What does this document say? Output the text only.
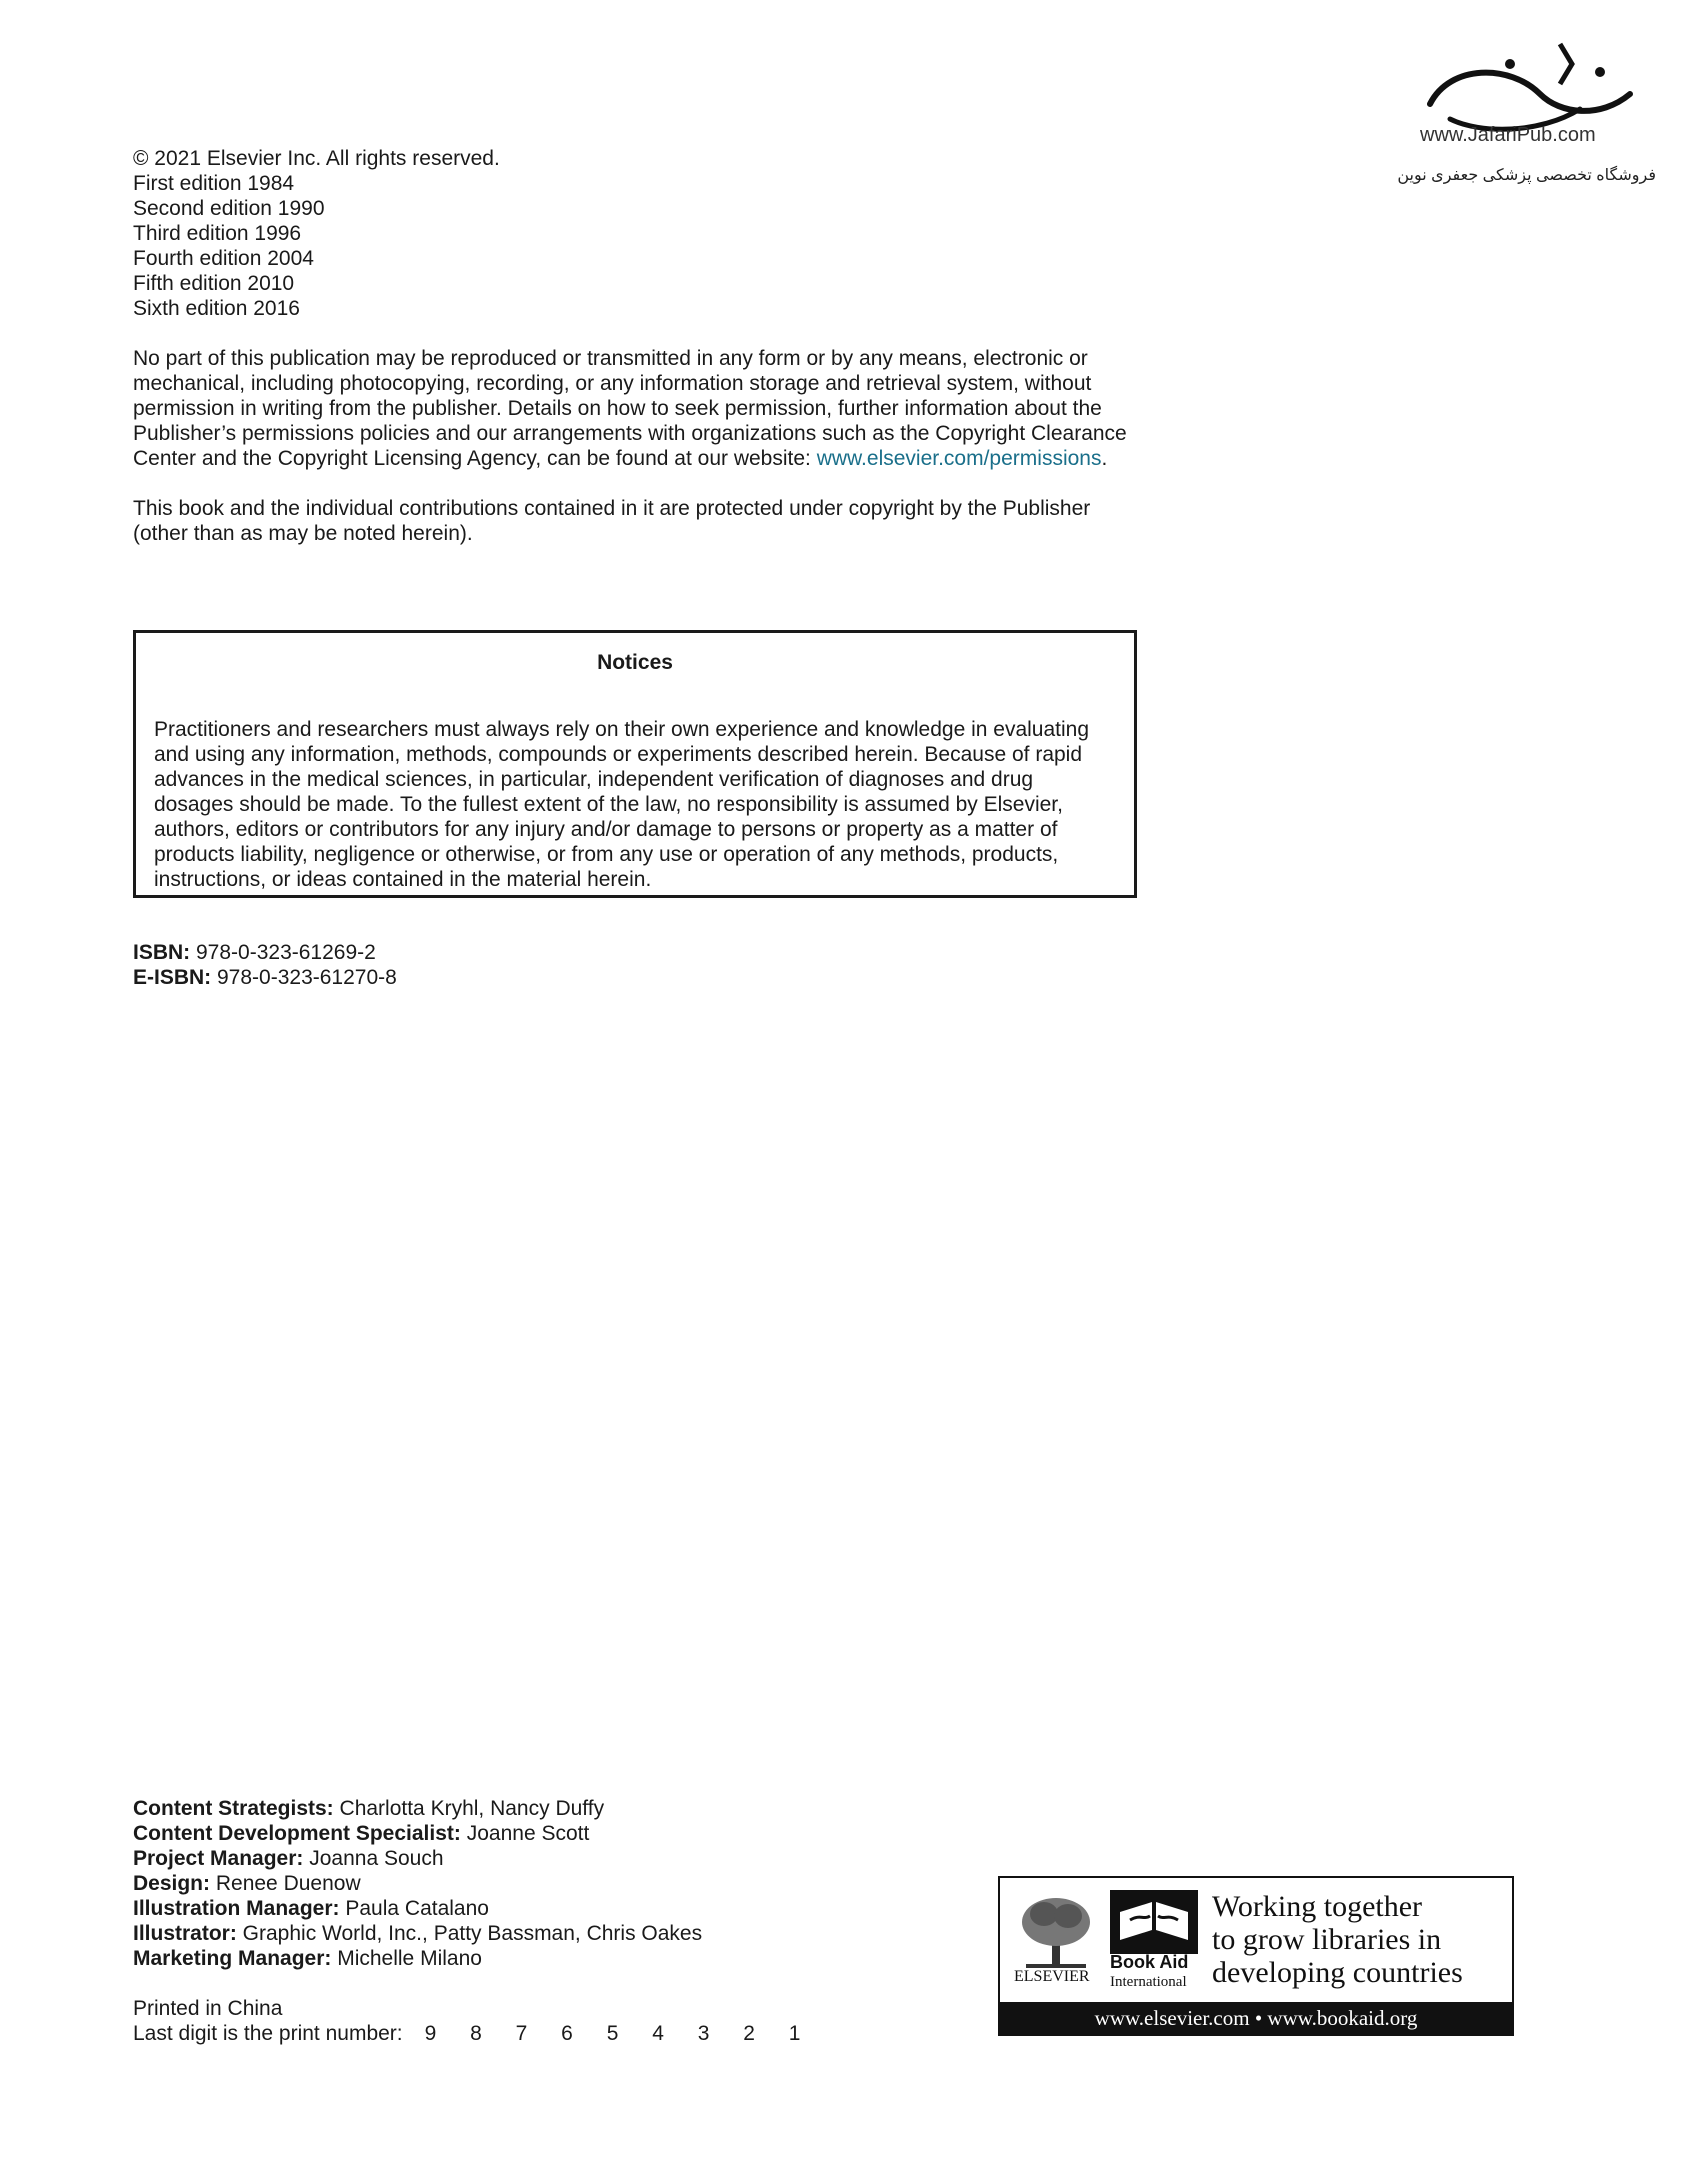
www.JafariPub.com
فروشگاه تخصصی پزشکی جعفری نوین
© 2021 Elsevier Inc. All rights reserved.
First edition 1984
Second edition 1990
Third edition 1996
Fourth edition 2004
Fifth edition 2010
Sixth edition 2016
No part of this publication may be reproduced or transmitted in any form or by any means, electronic or mechanical, including photocopying, recording, or any information storage and retrieval system, without permission in writing from the publisher. Details on how to seek permission, further information about the Publisher’s permissions policies and our arrangements with organizations such as the Copyright Clearance Center and the Copyright Licensing Agency, can be found at our website: www.elsevier.com/permissions.
This book and the individual contributions contained in it are protected under copyright by the Publisher (other than as may be noted herein).
Notices
Practitioners and researchers must always rely on their own experience and knowledge in evaluating and using any information, methods, compounds or experiments described herein. Because of rapid advances in the medical sciences, in particular, independent verification of diagnoses and drug dosages should be made. To the fullest extent of the law, no responsibility is assumed by Elsevier, authors, editors or contributors for any injury and/or damage to persons or property as a matter of products liability, negligence or otherwise, or from any use or operation of any methods, products, instructions, or ideas contained in the material herein.
ISBN: 978-0-323-61269-2
E-ISBN: 978-0-323-61270-8
Content Strategists: Charlotta Kryhl, Nancy Duffy
Content Development Specialist: Joanne Scott
Project Manager: Joanna Souch
Design: Renee Duenow
Illustration Manager: Paula Catalano
Illustrator: Graphic World, Inc., Patty Bassman, Chris Oakes
Marketing Manager: Michelle Milano
Printed in China
Last digit is the print number: 9 8 7 6 5 4 3 2 1
ELSEVIER
Book Aid
International
Working together
to grow libraries in
developing countries
www.elsevier.com • www.bookaid.org
